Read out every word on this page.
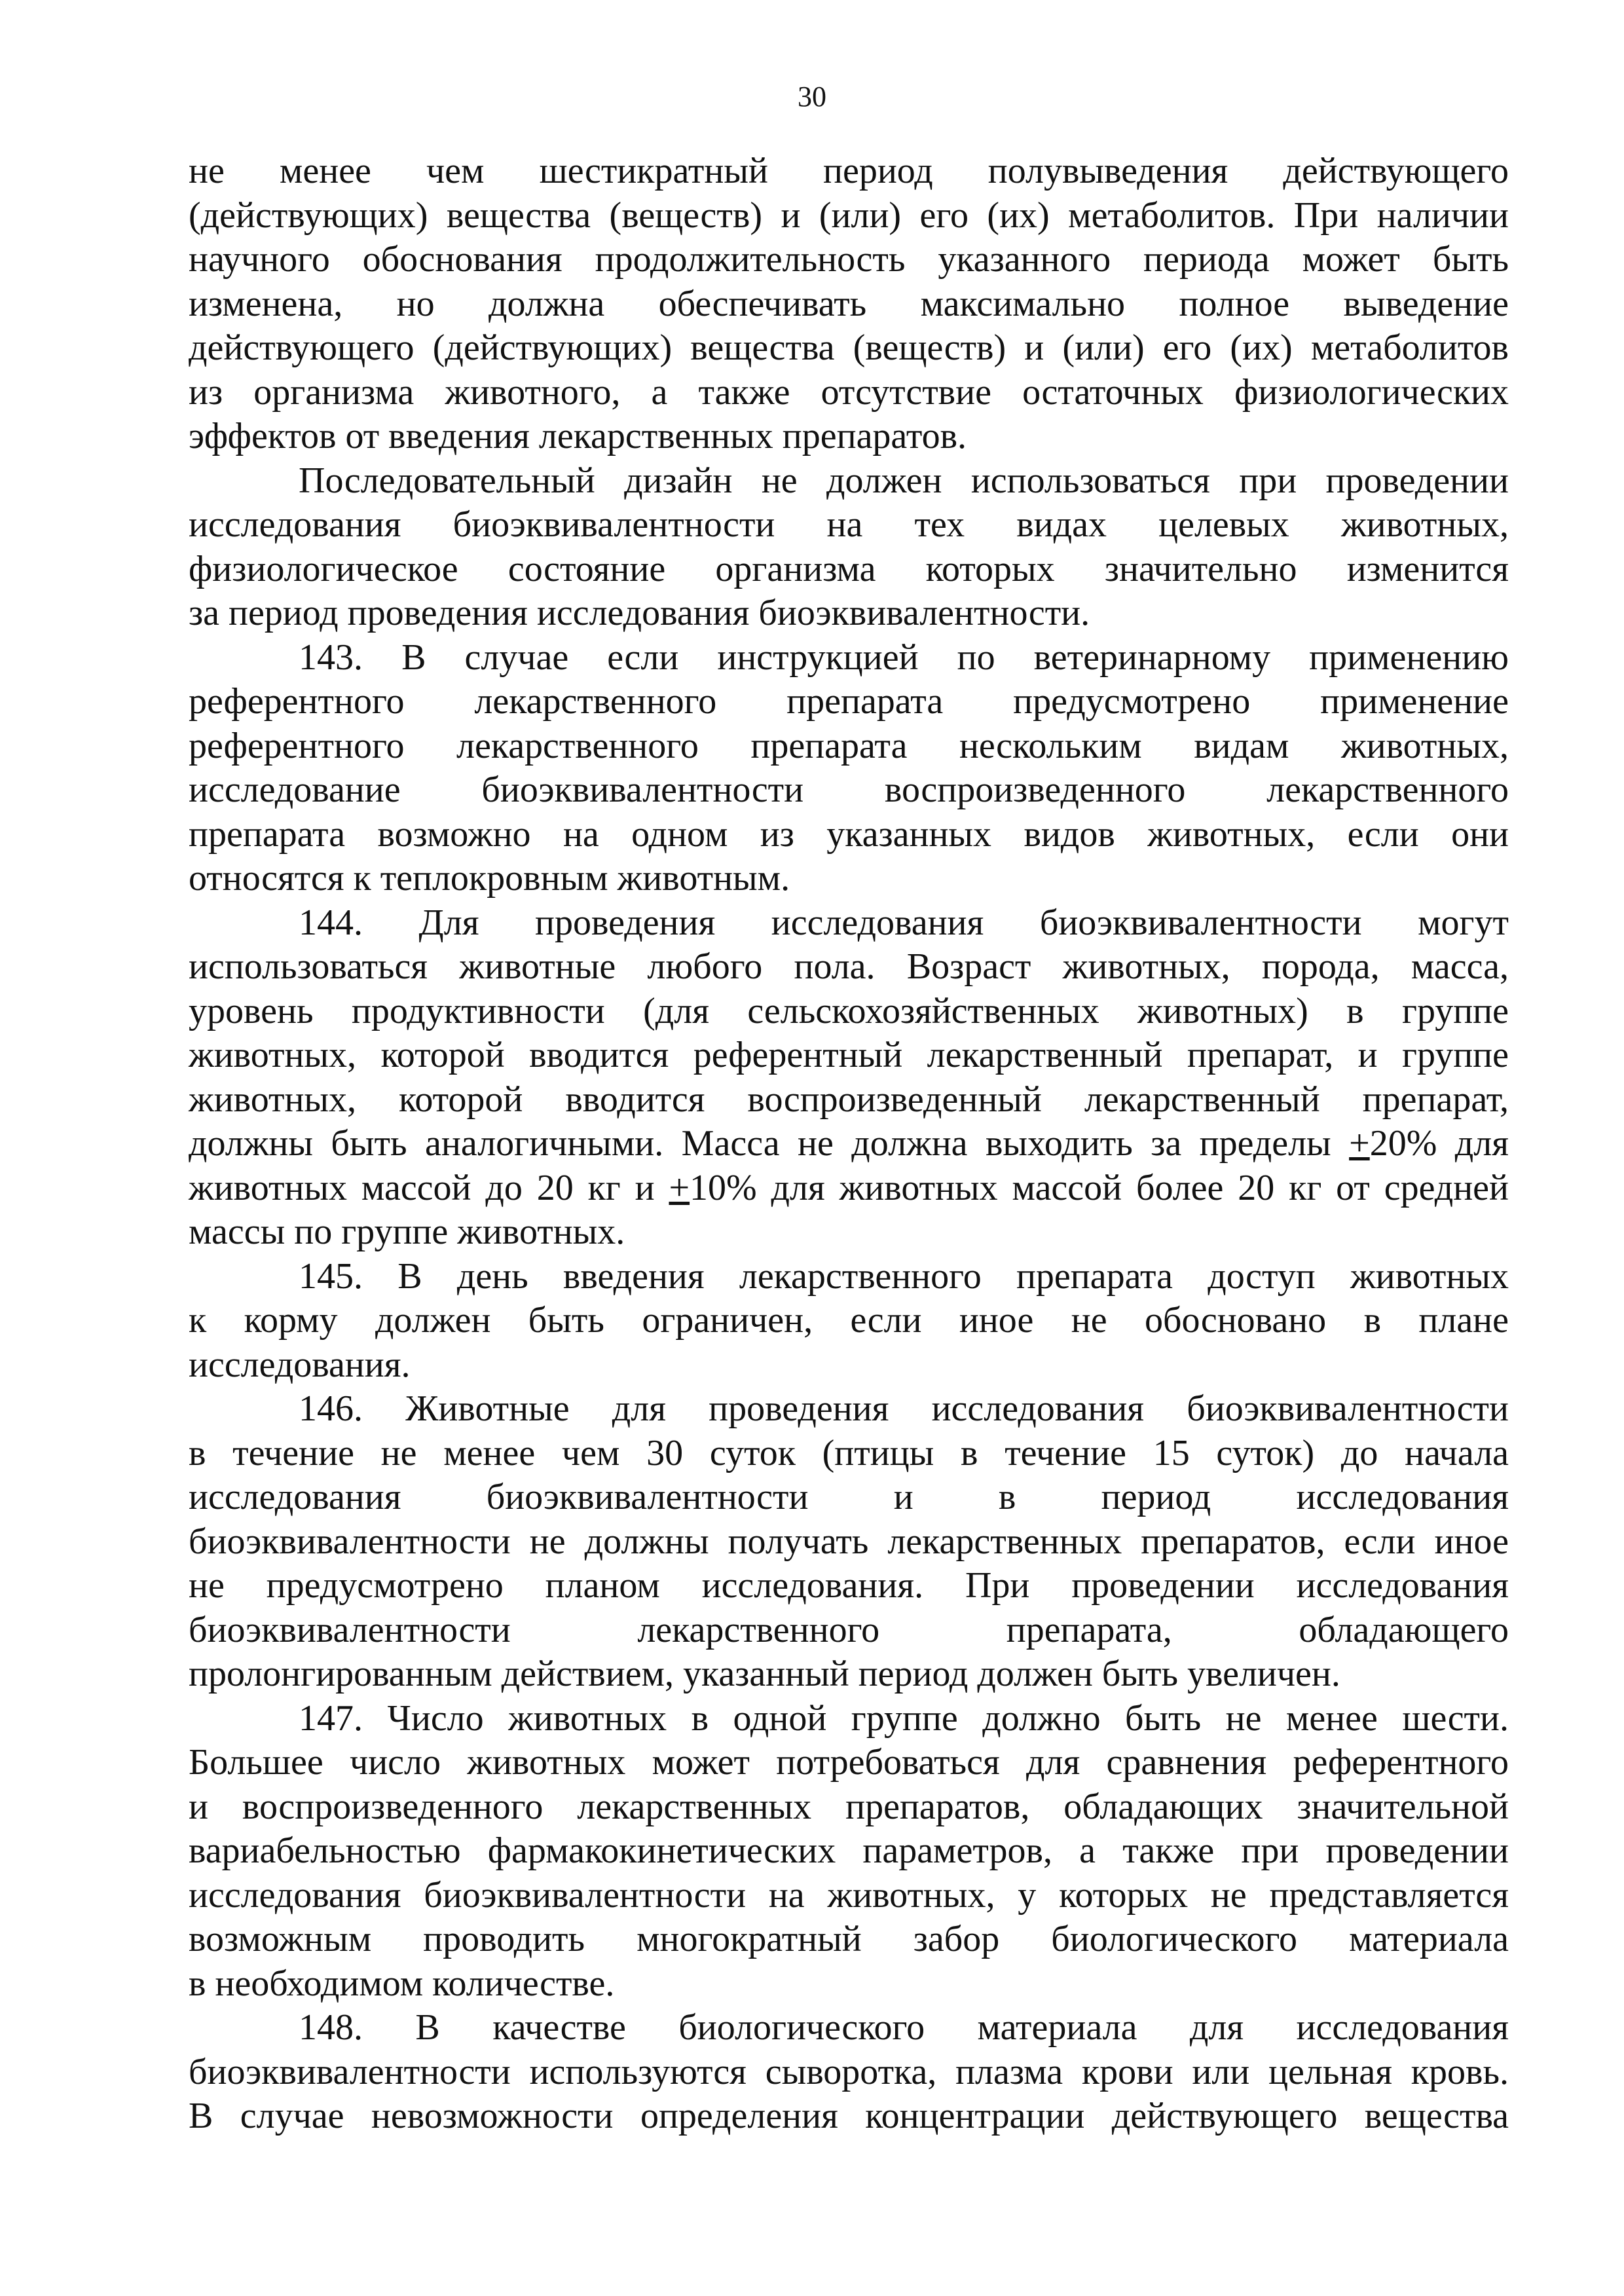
30
не менее чем шестикратный период полувыведения действующего
(действующих) вещества (веществ) и (или) его (их) метаболитов. При наличии
научного обоснования продолжительность указанного периода может быть
изменена, но должна обеспечивать максимально полное выведение
действующего (действующих) вещества (веществ) и (или) его (их) метаболитов
из организма животного, а также отсутствие остаточных физиологических
эффектов от введения лекарственных препаратов.
Последовательный дизайн не должен использоваться при проведении
исследования биоэквивалентности на тех видах целевых животных,
физиологическое состояние организма которых значительно изменится
за период проведения исследования биоэквивалентности.
143. В случае если инструкцией по ветеринарному применению
референтного лекарственного препарата предусмотрено применение
референтного лекарственного препарата нескольким видам животных,
исследование биоэквивалентности воспроизведенного лекарственного
препарата возможно на одном из указанных видов животных, если они
относятся к теплокровным животным.
144. Для проведения исследования биоэквивалентности могут
использоваться животные любого пола. Возраст животных, порода, масса,
уровень продуктивности (для сельскохозяйственных животных) в группе
животных, которой вводится референтный лекарственный препарат, и группе
животных, которой вводится воспроизведенный лекарственный препарат,
должны быть аналогичными. Масса не должна выходить за пределы +20% для
животных массой до 20 кг и +10% для животных массой более 20 кг от средней
массы по группе животных.
145. В день введения лекарственного препарата доступ животных
к корму должен быть ограничен, если иное не обосновано в плане
исследования.
146. Животные для проведения исследования биоэквивалентности
в течение не менее чем 30 суток (птицы в течение 15 суток) до начала
исследования биоэквивалентности и в период исследования
биоэквивалентности не должны получать лекарственных препаратов, если иное
не предусмотрено планом исследования. При проведении исследования
биоэквивалентности лекарственного препарата, обладающего
пролонгированным действием, указанный период должен быть увеличен.
147. Число животных в одной группе должно быть не менее шести.
Большее число животных может потребоваться для сравнения референтного
и воспроизведенного лекарственных препаратов, обладающих значительной
вариабельностью фармакокинетических параметров, а также при проведении
исследования биоэквивалентности на животных, у которых не представляется
возможным проводить многократный забор биологического материала
в необходимом количестве.
148. В качестве биологического материала для исследования
биоэквивалентности используются сыворотка, плазма крови или цельная кровь.
В случае невозможности определения концентрации действующего вещества
